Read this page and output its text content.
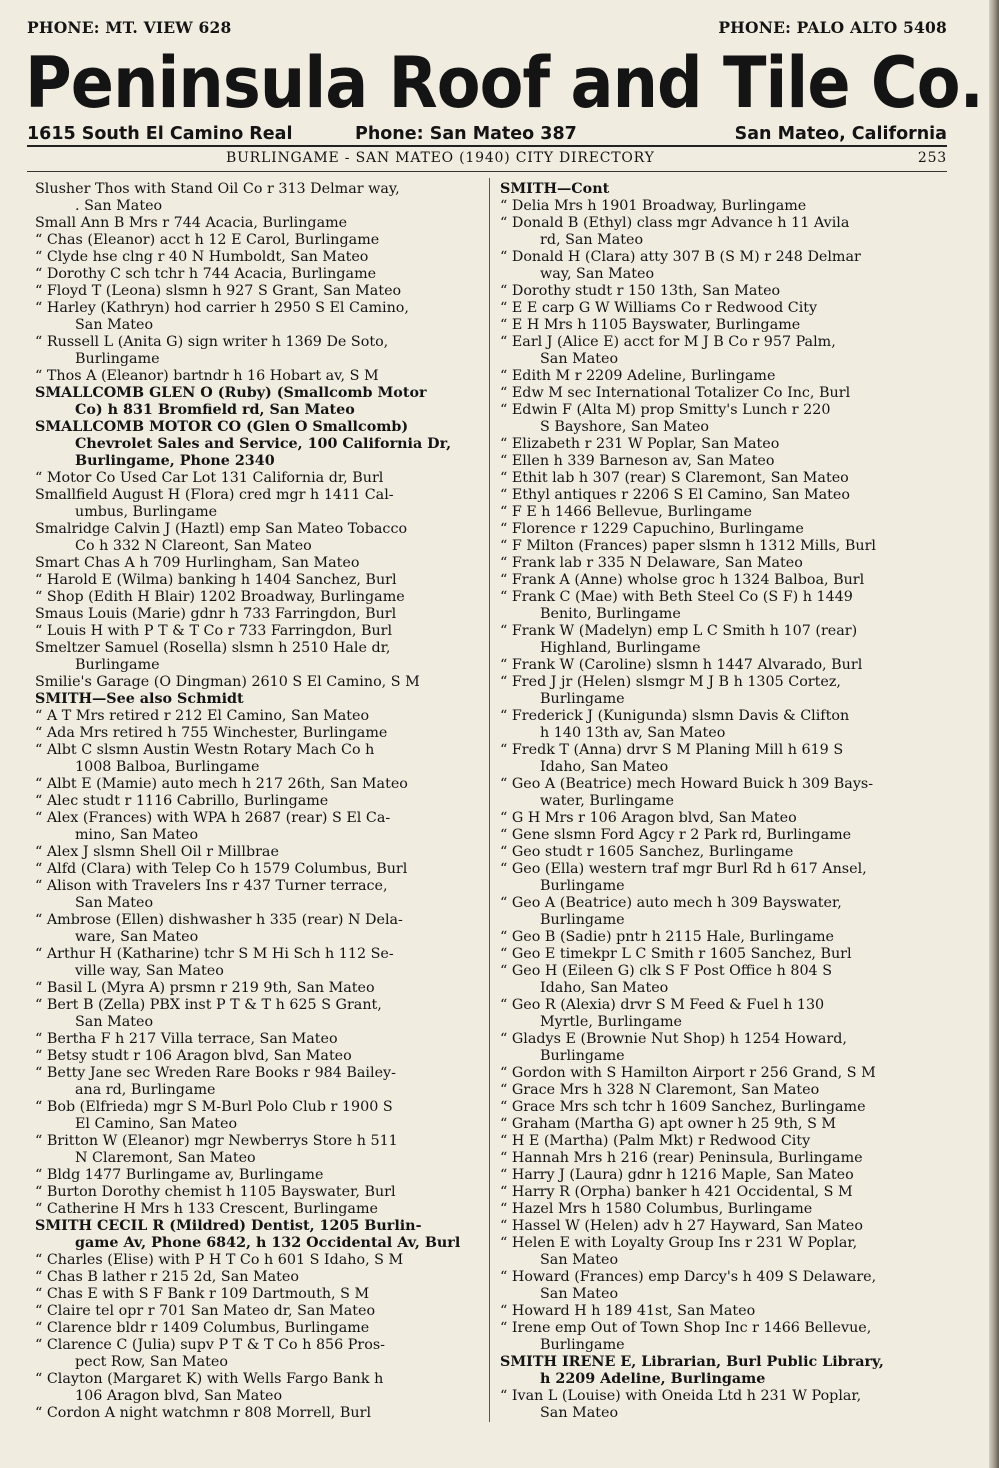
PHONE: MT. VIEW 628	PHONE: PALO ALTO 5408
Peninsula Roof and Tile Co.
1615 South El Camino Real	Phone: San Mateo 387	San Mateo, California
BURLINGAME - SAN MATEO (1940) CITY DIRECTORY	253
Slusher Thos with Stand Oil Co r 313 Delmar way,
. San Mateo
Small Ann B Mrs r 744 Acacia, Burlingame
“ Chas (Eleanor) acct h 12 E Carol, Burlingame
“ Clyde hse clng r 40 N Humboldt, San Mateo
“ Dorothy C sch tchr h 744 Acacia, Burlingame
“ Floyd T (Leona) slsmn h 927 S Grant, San Mateo
“ Harley (Kathryn) hod carrier h 2950 S El Camino,
San Mateo
“ Russell L (Anita G) sign writer h 1369 De Soto,
Burlingame
“ Thos A (Eleanor) bartndr h 16 Hobart av, S M
SMALLCOMB GLEN O (Ruby) (Smallcomb Motor
Co) h 831 Bromfield rd, San Mateo
SMALLCOMB MOTOR CO (Glen O Smallcomb)
Chevrolet Sales and Service, 100 California Dr,
Burlingame, Phone 2340
“ Motor Co Used Car Lot 131 California dr, Burl
Smallfield August H (Flora) cred mgr h 1411 Cal-
umbus, Burlingame
Smalridge Calvin J (Haztl) emp San Mateo Tobacco
Co h 332 N Clareont, San Mateo
Smart Chas A h 709 Hurlingham, San Mateo
“ Harold E (Wilma) banking h 1404 Sanchez, Burl
“ Shop (Edith H Blair) 1202 Broadway, Burlingame
Smaus Louis (Marie) gdnr h 733 Farringdon, Burl
“ Louis H with P T & T Co r 733 Farringdon, Burl
Smeltzer Samuel (Rosella) slsmn h 2510 Hale dr,
Burlingame
Smilie's Garage (O Dingman) 2610 S El Camino, S M
SMITH—See also Schmidt
“ A T Mrs retired r 212 El Camino, San Mateo
“ Ada Mrs retired h 755 Winchester, Burlingame
“ Albt C slsmn Austin Westn Rotary Mach Co h
1008 Balboa, Burlingame
“ Albt E (Mamie) auto mech h 217 26th, San Mateo
“ Alec studt r 1116 Cabrillo, Burlingame
“ Alex (Frances) with WPA h 2687 (rear) S El Ca-
mino, San Mateo
“ Alex J slsmn Shell Oil r Millbrae
“ Alfd (Clara) with Telep Co h 1579 Columbus, Burl
“ Alison with Travelers Ins r 437 Turner terrace,
San Mateo
“ Ambrose (Ellen) dishwasher h 335 (rear) N Dela-
ware, San Mateo
“ Arthur H (Katharine) tchr S M Hi Sch h 112 Se-
ville way, San Mateo
“ Basil L (Myra A) prsmn r 219 9th, San Mateo
“ Bert B (Zella) PBX inst P T & T h 625 S Grant,
San Mateo
“ Bertha F h 217 Villa terrace, San Mateo
“ Betsy studt r 106 Aragon blvd, San Mateo
“ Betty Jane sec Wreden Rare Books r 984 Bailey-
ana rd, Burlingame
“ Bob (Elfrieda) mgr S M-Burl Polo Club r 1900 S
El Camino, San Mateo
“ Britton W (Eleanor) mgr Newberrys Store h 511
N Claremont, San Mateo
“ Bldg 1477 Burlingame av, Burlingame
“ Burton Dorothy chemist h 1105 Bayswater, Burl
“ Catherine H Mrs h 133 Crescent, Burlingame
SMITH CECIL R (Mildred) Dentist, 1205 Burlin-
game Av, Phone 6842, h 132 Occidental Av, Burl
“ Charles (Elise) with P H T Co h 601 S Idaho, S M
“ Chas B lather r 215 2d, San Mateo
“ Chas E with S F Bank r 109 Dartmouth, S M
“ Claire tel opr r 701 San Mateo dr, San Mateo
“ Clarence bldr r 1409 Columbus, Burlingame
“ Clarence C (Julia) supv P T & T Co h 856 Pros-
pect Row, San Mateo
“ Clayton (Margaret K) with Wells Fargo Bank h
106 Aragon blvd, San Mateo
“ Cordon A night watchmn r 808 Morrell, Burl
SMITH—Cont
“ Delia Mrs h 1901 Broadway, Burlingame
“ Donald B (Ethyl) class mgr Advance h 11 Avila
rd, San Mateo
“ Donald H (Clara) atty 307 B (S M) r 248 Delmar
way, San Mateo
“ Dorothy studt r 150 13th, San Mateo
“ E E carp G W Williams Co r Redwood City
“ E H Mrs h 1105 Bayswater, Burlingame
“ Earl J (Alice E) acct for M J B Co r 957 Palm,
San Mateo
“ Edith M r 2209 Adeline, Burlingame
“ Edw M sec International Totalizer Co Inc, Burl
“ Edwin F (Alta M) prop Smitty's Lunch r 220
S Bayshore, San Mateo
“ Elizabeth r 231 W Poplar, San Mateo
“ Ellen h 339 Barneson av, San Mateo
“ Ethit lab h 307 (rear) S Claremont, San Mateo
“ Ethyl antiques r 2206 S El Camino, San Mateo
“ F E h 1466 Bellevue, Burlingame
“ Florence r 1229 Capuchino, Burlingame
“ F Milton (Frances) paper slsmn h 1312 Mills, Burl
“ Frank lab r 335 N Delaware, San Mateo
“ Frank A (Anne) wholse groc h 1324 Balboa, Burl
“ Frank C (Mae) with Beth Steel Co (S F) h 1449
Benito, Burlingame
“ Frank W (Madelyn) emp L C Smith h 107 (rear)
Highland, Burlingame
“ Frank W (Caroline) slsmn h 1447 Alvarado, Burl
“ Fred J jr (Helen) slsmgr M J B h 1305 Cortez,
Burlingame
“ Frederick J (Kunigunda) slsmn Davis & Clifton
h 140 13th av, San Mateo
“ Fredk T (Anna) drvr S M Planing Mill h 619 S
Idaho, San Mateo
“ Geo A (Beatrice) mech Howard Buick h 309 Bays-
water, Burlingame
“ G H Mrs r 106 Aragon blvd, San Mateo
“ Gene slsmn Ford Agcy r 2 Park rd, Burlingame
“ Geo studt r 1605 Sanchez, Burlingame
“ Geo (Ella) western traf mgr Burl Rd h 617 Ansel,
Burlingame
“ Geo A (Beatrice) auto mech h 309 Bayswater,
Burlingame
“ Geo B (Sadie) pntr h 2115 Hale, Burlingame
“ Geo E timekpr L C Smith r 1605 Sanchez, Burl
“ Geo H (Eileen G) clk S F Post Office h 804 S
Idaho, San Mateo
“ Geo R (Alexia) drvr S M Feed & Fuel h 130
Myrtle, Burlingame
“ Gladys E (Brownie Nut Shop) h 1254 Howard,
Burlingame
“ Gordon with S Hamilton Airport r 256 Grand, S M
“ Grace Mrs h 328 N Claremont, San Mateo
“ Grace Mrs sch tchr h 1609 Sanchez, Burlingame
“ Graham (Martha G) apt owner h 25 9th, S M
“ H E (Martha) (Palm Mkt) r Redwood City
“ Hannah Mrs h 216 (rear) Peninsula, Burlingame
“ Harry J (Laura) gdnr h 1216 Maple, San Mateo
“ Harry R (Orpha) banker h 421 Occidental, S M
“ Hazel Mrs h 1580 Columbus, Burlingame
“ Hassel W (Helen) adv h 27 Hayward, San Mateo
“ Helen E with Loyalty Group Ins r 231 W Poplar,
San Mateo
“ Howard (Frances) emp Darcy's h 409 S Delaware,
San Mateo
“ Howard H h 189 41st, San Mateo
“ Irene emp Out of Town Shop Inc r 1466 Bellevue,
Burlingame
SMITH IRENE E, Librarian, Burl Public Library,
h 2209 Adeline, Burlingame
“ Ivan L (Louise) with Oneida Ltd h 231 W Poplar,
San Mateo
